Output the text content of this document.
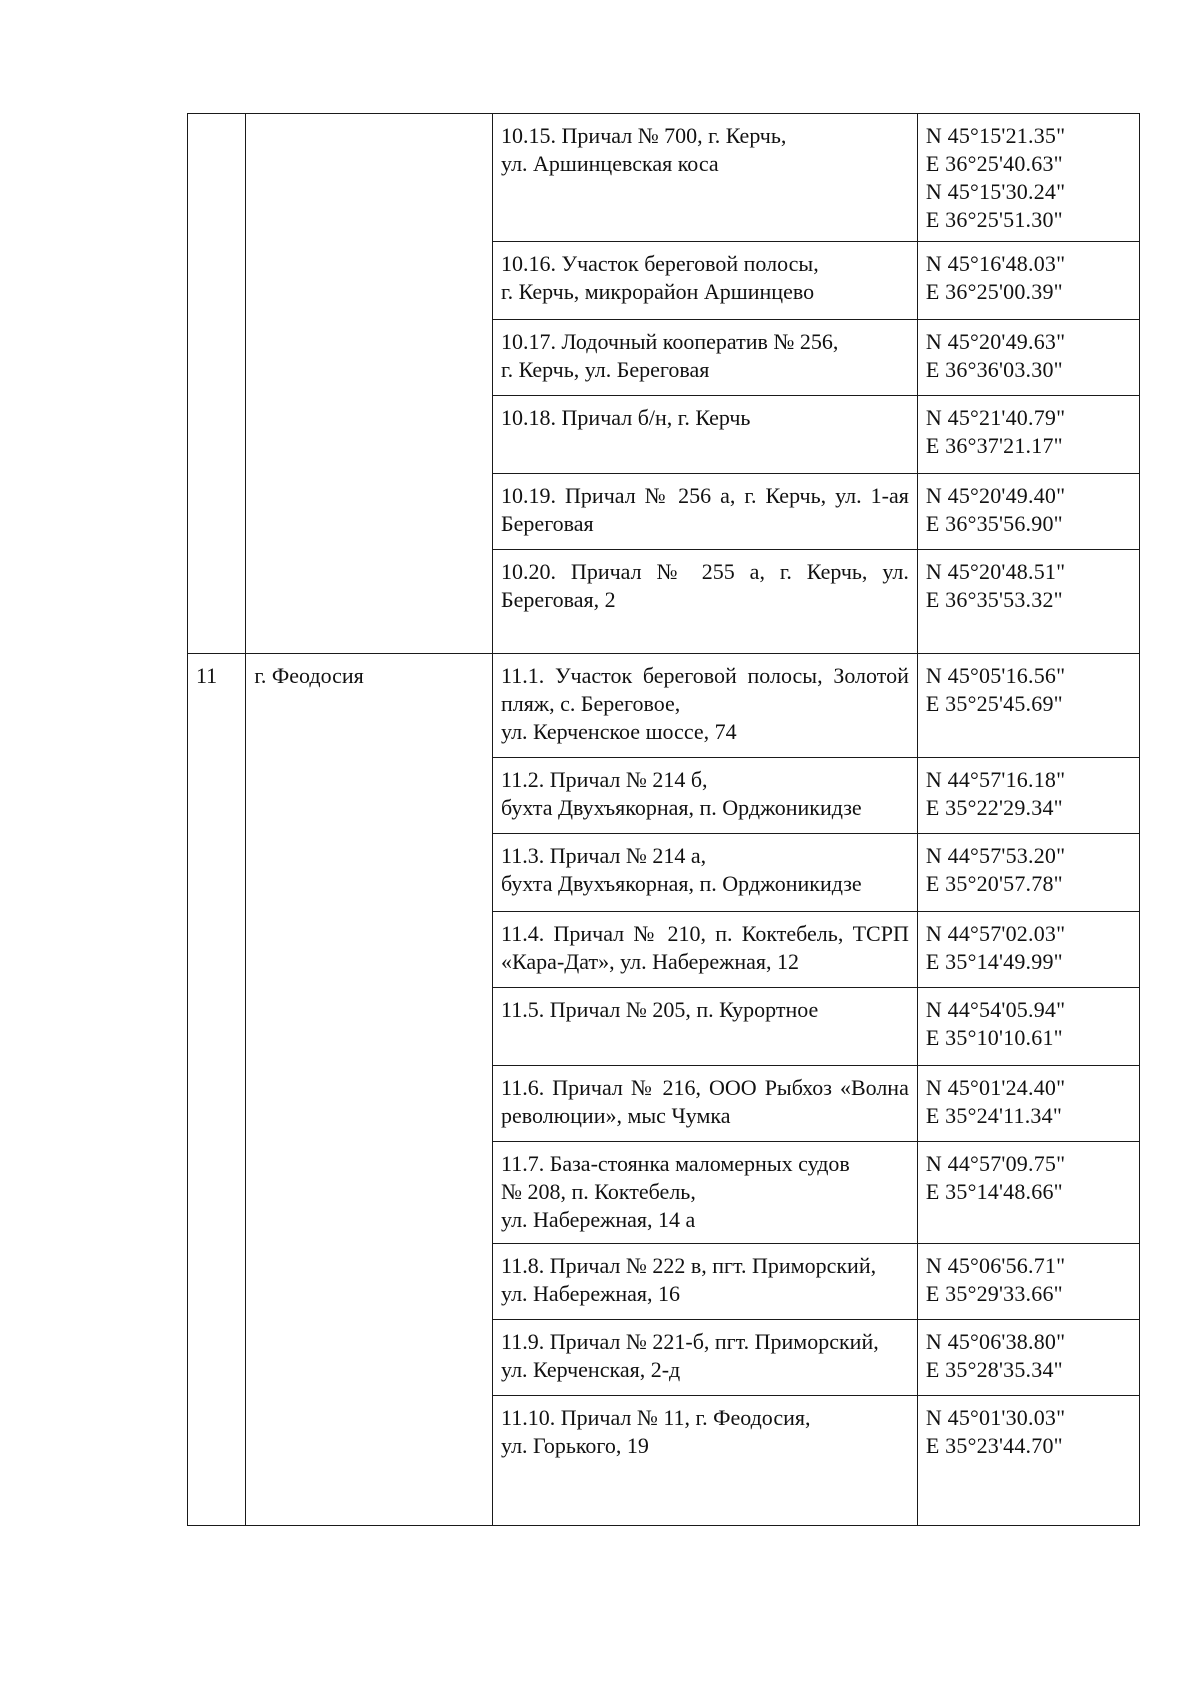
		10.15. Причал № 700, г. Керчь,
ул. Аршинцевская коса	N 45°15'21.35"
E 36°25'40.63"
N 45°15'30.24"
E 36°25'51.30"
		10.16. Участок береговой полосы,
г. Керчь, микрорайон Аршинцево	N 45°16'48.03"
E 36°25'00.39"
		10.17. Лодочный кооператив № 256,
г. Керчь, ул. Береговая	N 45°20'49.63"
E 36°36'03.30"
		10.18. Причал б/н, г. Керчь	N 45°21'40.79"
E 36°37'21.17"
		10.19. Причал № 256 а, г. Керчь, ул. 1-ая Береговая	N 45°20'49.40"
E 36°35'56.90"
		10.20. Причал № 255 а, г. Керчь, ул. Береговая, 2	N 45°20'48.51"
E 36°35'53.32"
11	г. Феодосия	11.1. Участок береговой полосы, Золотой пляж, с. Береговое,
ул. Керченское шоссе, 74	N 45°05'16.56"
E 35°25'45.69"
		11.2. Причал № 214 б,
бухта Двухъякорная, п. Орджоникидзе	N 44°57'16.18"
E 35°22'29.34"
		11.3. Причал № 214 а,
бухта Двухъякорная, п. Орджоникидзе	N 44°57'53.20"
E 35°20'57.78"
		11.4. Причал № 210, п. Коктебель, ТСРП «Кара-Дат», ул. Набережная, 12	N 44°57'02.03"
E 35°14'49.99"
		11.5. Причал № 205, п. Курортное	N 44°54'05.94"
E 35°10'10.61"
		11.6. Причал № 216, ООО Рыбхоз «Волна революции», мыс Чумка	N 45°01'24.40"
E 35°24'11.34"
		11.7. База-стоянка маломерных судов
№ 208, п. Коктебель,
ул. Набережная, 14 а	N 44°57'09.75"
E 35°14'48.66"
		11.8. Причал № 222 в, пгт. Приморский,
ул. Набережная, 16	N 45°06'56.71"
E 35°29'33.66"
		11.9. Причал № 221-б, пгт. Приморский,
ул. Керченская, 2-д	N 45°06'38.80"
E 35°28'35.34"
		11.10. Причал № 11, г. Феодосия,
ул. Горького, 19	N 45°01'30.03"
E 35°23'44.70"
